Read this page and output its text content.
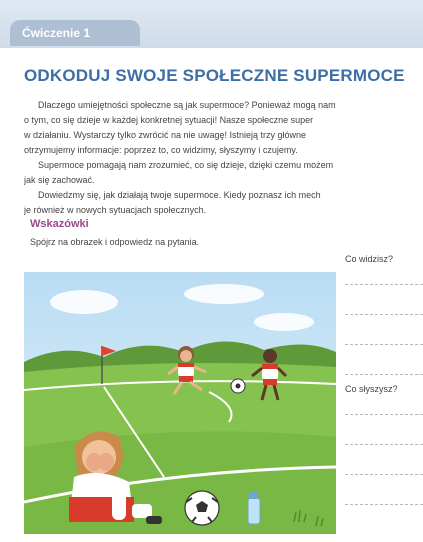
Ćwiczenie 1
ODKODUJ SWOJE SPOŁECZNE SUPERMOCE
Dlaczego umiejętności społeczne są jak supermoce? Ponieważ mogą nam
o tym, co się dzieje w każdej konkretnej sytuacji! Nasze społeczne super
w działaniu. Wystarczy tylko zwrócić na nie uwagę! Istnieją trzy główne
otrzymujemy informacje: poprzez to, co widzimy, słyszymy i czujemy.
Supermoce pomagają nam zrozumieć, co się dzieje, dzięki czemu możem
jak się zachować.
Dowiedzmy się, jak działają twoje supermoce. Kiedy poznasz ich mech
je również w nowych sytuacjach społecznych.
Wskazówki
Spójrz na obrazek i odpowiedz na pytania.
Co widzisz?
Co słyszysz?
